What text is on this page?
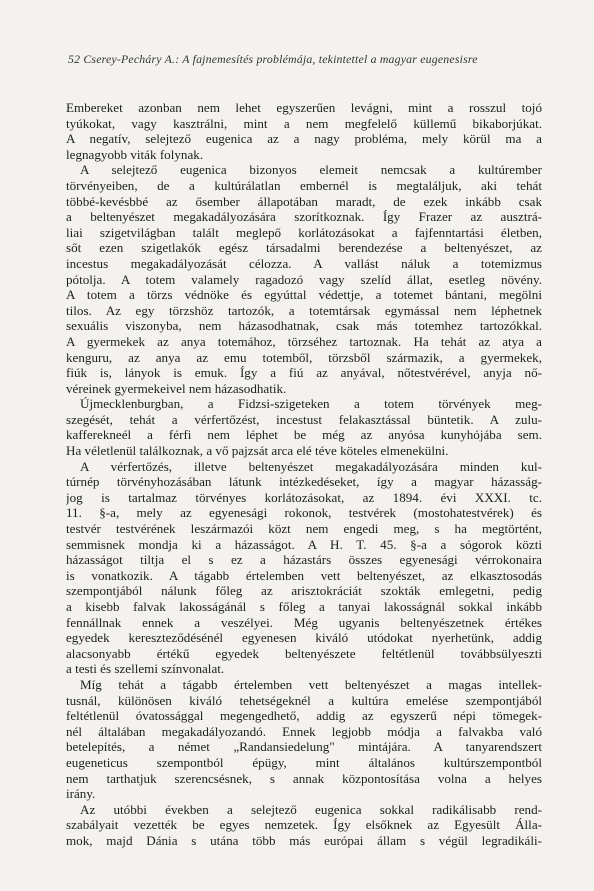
52 Cserey-Pecháry A.: A fajnemesítés problémája, tekintettel a magyar eugenesisre
Embereket azonban nem lehet egyszerűen levágni, mint a rosszul tojó
tyúkokat, vagy kasztrálni, mint a nem megfelelő küllemű bikaborjúkat.
A negatív, selejtező eugenica az a nagy probléma, mely körül ma a
legnagyobb viták folynak.
A selejtező eugenica bizonyos elemeit nemcsak a kultúrember
törvényeiben, de a kultúrálatlan embernél is megtaláljuk, aki tehát
többé-kevésbbé az ősember állapotában maradt, de ezek inkább csak
a beltenyészet megakadályozására szorítkoznak. Így Frazer az ausztrá-
liai szigetvilágban talált meglepő korlátozásokat a fajfenntartási életben,
sőt ezen szigetlakók egész társadalmi berendezése a beltenyészet, az
incestus megakadályozását célozza. A vallást náluk a totemizmus
pótolja. A totem valamely ragadozó vagy szelíd állat, esetleg növény.
A totem a törzs védnöke és egyúttal védettje, a totemet bántani, megölni
tilos. Az egy törzshöz tartozók, a totemtársak egymással nem léphetnek
sexuális viszonyba, nem házasodhatnak, csak más totemhez tartozókkal.
A gyermekek az anya totemához, törzséhez tartoznak. Ha tehát az atya a
kenguru, az anya az emu totemből, törzsből származik, a gyermekek,
fiúk is, lányok is emuk. Így a fiú az anyával, nőtestvérével, anyja nő-
véreinek gyermekeivel nem házasodhatik.
Újmecklenburgban, a Fidzsi-szigeteken a totem törvények meg-
szegését, tehát a vérfertőzést, incestust felakasztással büntetik. A zulu-
kafferekneél a férfi nem léphet be még az anyósa kunyhójába sem.
Ha véletlenül találkoznak, a vő pajzsát arca elé téve köteles elmenekülni.
A vérfertőzés, illetve beltenyészet megakadályozására minden kul-
túrnép törvényhozásában látunk intézkedéseket, így a magyar házasság-
jog is tartalmaz törvényes korlátozásokat, az 1894. évi XXXI. tc.
11. §-a, mely az egyenesági rokonok, testvérek (mostohatestvérek) és
testvér testvérének leszármazói közt nem engedi meg, s ha megtörtént,
semmisnek mondja ki a házasságot. A H. T. 45. §-a a sógorok közti
házasságot tiltja el s ez a házastárs összes egyenesági vérrokonaira
is vonatkozik. A tágabb értelemben vett beltenyészet, az elkasztosodás
szempontjából nálunk főleg az arisztokráciát szokták emlegetni, pedig
a kisebb falvak lakosságánál s főleg a tanyai lakosságnál sokkal inkább
fennállnak ennek a veszélyei. Még ugyanis beltenyészetnek értékes
egyedek kereszteződésénél egyenesen kiváló utódokat nyerhetünk, addig
alacsonyabb értékű egyedek beltenyészete feltétlenül továbbsülyeszti
a testi és szellemi színvonalat.
Míg tehát a tágabb értelemben vett beltenyészet a magas intellek-
tusnál, különösen kiváló tehetségeknél a kultúra emelése szempontjából
feltétlenül óvatossággal megengedhető, addig az egyszerű népi tömegek-
nél általában megakadályozandó. Ennek legjobb módja a falvakba való
betelepítés, a német „Randansiedelung" mintájára. A tanyarendszert
eugeneticus szempontból épügy, mint általános kultúrszempontból
nem tarthatjuk szerencsésnek, s annak központosítása volna a helyes
irány.
Az utóbbi években a selejtező eugenica sokkal radikálisabb rend-
szabályait vezették be egyes nemzetek. Így elsőknek az Egyesült Álla-
mok, majd Dánia s utána több más európai állam s végül legradikáli-
